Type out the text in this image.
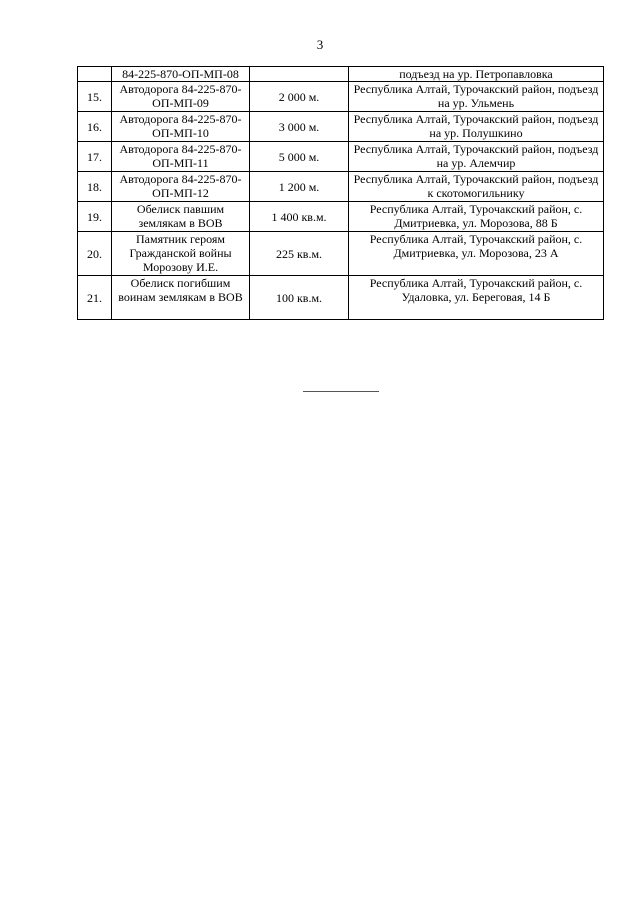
3
	84-225-870-ОП-МП-08		подъезд на ур. Петропавловка
15.	Автодорога 84-225-870-ОП-МП-09	2 000 м.	Республика Алтай, Турочакский район, подъезд на ур. Ульмень
16.	Автодорога 84-225-870-ОП-МП-10	3 000 м.	Республика Алтай, Турочакский район, подъезд на ур. Полушкино
17.	Автодорога 84-225-870-ОП-МП-11	5 000 м.	Республика Алтай, Турочакский район, подъезд на ур. Алемчир
18.	Автодорога 84-225-870-ОП-МП-12	1 200 м.	Республика Алтай, Турочакский район, подъезд к скотомогильнику
19.	Обелиск павшим землякам в ВОВ	1 400 кв.м.	Республика Алтай, Турочакский район, с. Дмитриевка, ул. Морозова, 88 Б
20.	Памятник героям Гражданской войны Морозову И.Е.	225 кв.м.	Республика Алтай, Турочакский район, с. Дмитриевка, ул. Морозова, 23 А
21.	Обелиск погибшим воинам землякам в ВОВ	100 кв.м.	Республика Алтай, Турочакский район, с. Удаловка, ул. Береговая, 14 Б
